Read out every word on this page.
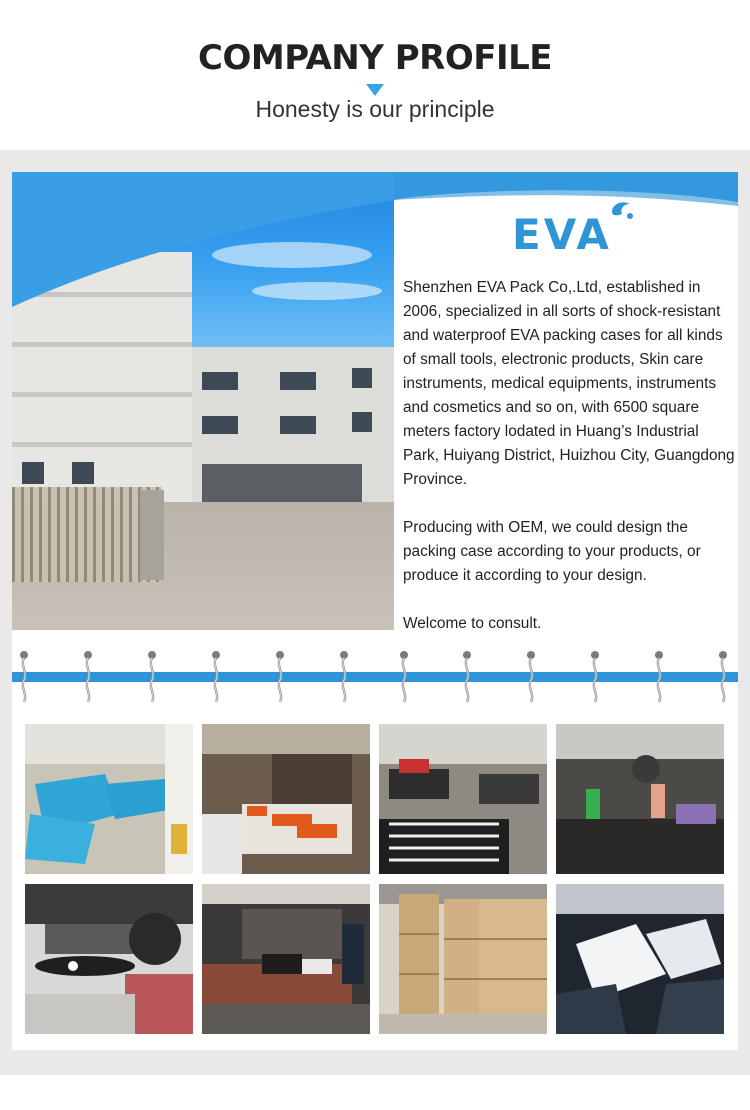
COMPANY PROFILE
Honesty is our principle
EVA

Shenzhen EVA Pack Co,.Ltd, established in 2006, specialized in all sorts of shock-resistant and waterproof EVA packing cases for all kinds of small tools, electronic products, Skin care instruments, medical equipments, instruments and cosmetics and so on, with 6500 square meters factory lodated in Huang’s Industrial Park, Huiyang District, Huizhou City, Guangdong Province.

Producing with OEM, we could design the packing case according to your products, or produce it according to your design.

Welcome to consult.
